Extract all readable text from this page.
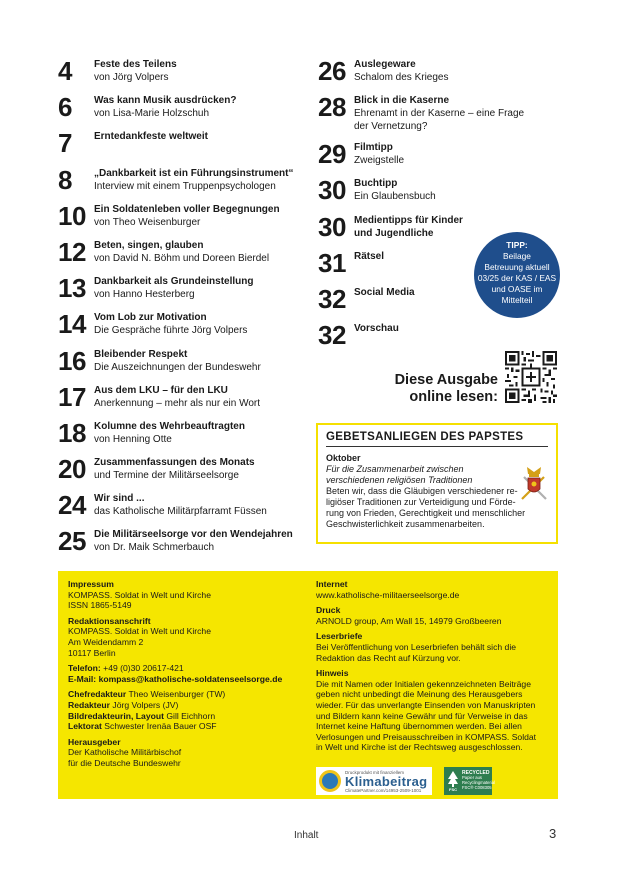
4	Feste des Teilens
von Jörg Volpers
6	Was kann Musik ausdrücken?
von Lisa-Marie Holzschuh
7	Erntedankfeste weltweit
8	„Dankbarkeit ist ein Führungsinstrument“
Interview mit einem Truppenpsychologen
10 Ein Soldatenleben voller Begegnungen
von Theo Weisenburger
12 Beten, singen, glauben
von David N. Böhm und Doreen Bierdel
13 Dankbarkeit als Grundeinstellung
von Hanno Hesterberg
14 Vom Lob zur Motivation
Die Gespräche führte Jörg Volpers
16 Bleibender Respekt
Die Auszeichnungen der Bundeswehr
17 Aus dem LKU – für den LKU
Anerkennung – mehr als nur ein Wort
18 Kolumne des Wehrbeauftragten
von Henning Otte
20 Zusammenfassungen des Monats
und Termine der Militärseelsorge
24 Wir sind ...
das Katholische Militärpfarramt Füssen
25 Die Militärseelsorge vor den Wendejahren
von Dr. Maik Schmerbauch
26 Auslegeware
Schalom des Krieges
28 Blick in die Kaserne
Ehrenamt in der Kaserne – eine Frage
der Vernetzung?
29 Filmtipp
Zweigstelle
30 Buchtipp
Ein Glaubensbuch
30 Medientipps für Kinder
und Jugendliche
31 Rätsel
32 Social Media
32 Vorschau
TIPP:
Beilage
Betreuung aktuell
03/25 der KAS / EAS
und OASE im
Mittelteil
Diese Ausgabe
online lesen:
GEBETSANLIEGEN DES PAPSTES
Oktober
Für die Zusammenarbeit zwischen
verschiedenen religiösen Traditionen
Beten wir, dass die Gläubigen verschiedener re-
ligiöser Traditionen zur Verteidigung und Förde-
rung von Frieden, Gerechtigkeit und menschlicher
Geschwisterlichkeit zusammenarbeiten.
Impressum
KOMPASS. Soldat in Welt und Kirche
ISSN 1865-5149
Redaktionsanschrift
KOMPASS. Soldat in Welt und Kirche
Am Weidendamm 2
10117 Berlin
Telefon: +49 (0)30 20617-421
E-Mail: kompass@katholische-soldatenseelsorge.de
Chefredakteur Theo Weisenburger (TW)
Redakteur Jörg Volpers (JV)
Bildredakteurin, Layout Gill Eichhorn
Lektorat Schwester Irenäa Bauer OSF
Herausgeber
Der Katholische Militärbischof
für die Deutsche Bundeswehr
Internet
www.katholische-militaerseelsorge.de
Druck
ARNOLD group, Am Wall 15, 14979 Großbeeren
Leserbriefe
Bei Veröffentlichung von Leserbriefen behält sich die
Redaktion das Recht auf Kürzung vor.
Hinweis
Die mit Namen oder Initialen gekennzeichneten Beiträge
geben nicht unbedingt die Meinung des Herausgebers
wieder. Für das unverlangte Einsenden von Manuskripten
und Bildern kann keine Gewähr und für Verweise in das
Internet keine Haftung übernommen werden. Bei allen
Verlosungen und Preisausschreiben in KOMPASS. Soldat
in Welt und Kirche ist der Rechtsweg ausgeschlossen.
Druckprodukt mit finanziellem
Klimabeitrag
ClimatePartner.com/14953-2509-1001	FSC
RECYCLED
Papier aus
Recyclingmaterial
FSC® C008305
Inhalt	3
